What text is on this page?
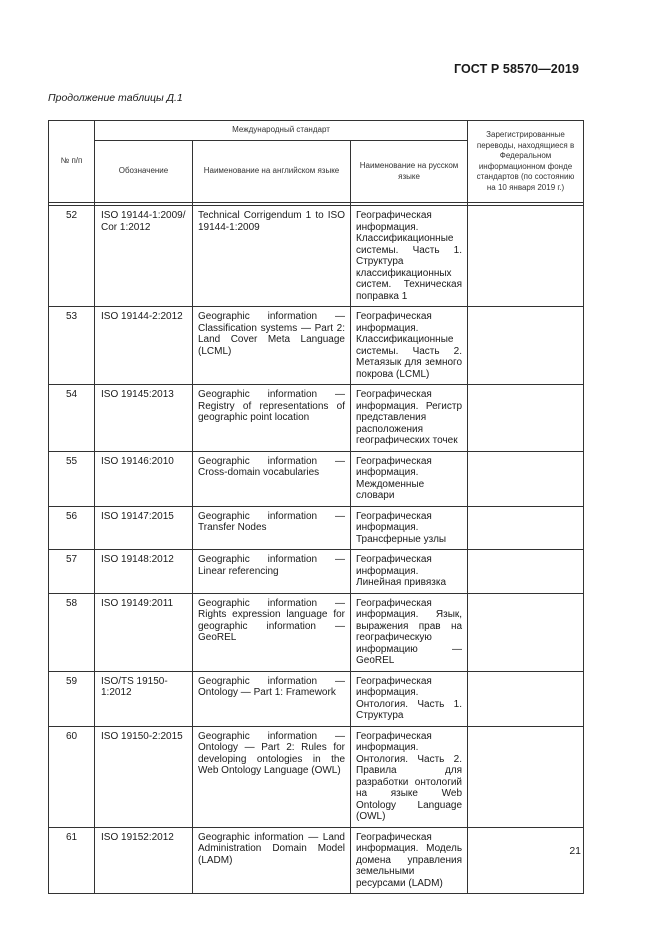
ГОСТ Р 58570—2019
Продолжение таблицы Д.1
№ п/п	Международный стандарт			Зарегистрированные переводы, находящиеся в Федеральном информационном фонде стандартов (по состоянию на 10 января 2019 г.)
	Обозначение	Наименование на английском языке	Наименование на русском языке	

52	ISO 19144-1:2009/ Cor 1:2012	Technical Corrigendum 1 to ISO 19144-1:2009	Географическая информация. Классификационные системы. Часть 1. Структура классификационных систем. Техническая поправка 1	
53	ISO 19144-2:2012	Geographic information — Classification systems — Part 2: Land Cover Meta Language (LCML)	Географическая информация. Классификационные системы. Часть 2. Метаязык для земного покрова (LCML)	
54	ISO 19145:2013	Geographic information — Registry of representations of geographic point location	Географическая информация. Регистр представления расположения географических точек	
55	ISO 19146:2010	Geographic information — Cross-domain vocabularies	Географическая информация. Междоменные словари	
56	ISO 19147:2015	Geographic information — Transfer Nodes	Географическая информация. Трансферные узлы	
57	ISO 19148:2012	Geographic information — Linear referencing	Географическая информация. Линейная привязка	
58	ISO 19149:2011	Geographic information — Rights expression language for geographic information — GeoREL	Географическая информация. Язык, выражения прав на географическую информацию — GeoREL	
59	ISO/TS 19150-1:2012	Geographic information — Ontology — Part 1: Framework	Географическая информация. Онтология. Часть 1. Структура	
60	ISO 19150-2:2015	Geographic information — Ontology — Part 2: Rules for developing ontologies in the Web Ontology Language (OWL)	Географическая информация. Онтология. Часть 2. Правила для разработки онтологий на языке Web Ontology Language (OWL)	
61	ISO 19152:2012	Geographic information — Land Administration Domain Model (LADM)	Географическая информация. Модель домена управления земельными ресурсами (LADM)	
21
